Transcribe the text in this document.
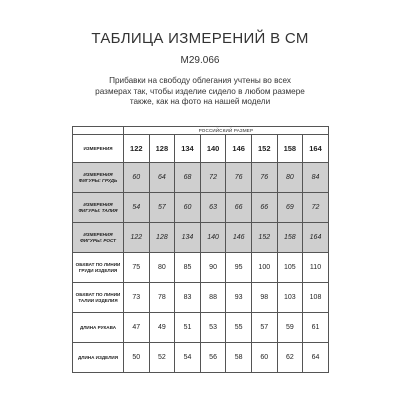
ТАБЛИЦА ИЗМЕРЕНИЙ В СМ
M29.066
Прибавки на свободу облегания учтены во всех размерах так, чтобы изделие сидело в любом размере также, как на фото на нашей модели
	РОССИЙСКИЙ РАЗМЕР							
ИЗМЕРЕНИЯ	122	128	134	140	146	152	158	164
ИЗМЕРЕНИЯ ФИГУРЫ: ГРУДЬ	60	64	68	72	76	76	80	84
ИЗМЕРЕНИЯ ФИГУРЫ: ТАЛИЯ	54	57	60	63	66	66	69	72
ИЗМЕРЕНИЯ ФИГУРЫ: РОСТ	122	128	134	140	146	152	158	164
ОБХВАТ ПО ЛИНИИ ГРУДИ ИЗДЕЛИЯ	75	80	85	90	95	100	105	110
ОБХВАТ ПО ЛИНИИ ТАЛИИ ИЗДЕЛИЯ	73	78	83	88	93	98	103	108
ДЛИНА РУКАВА	47	49	51	53	55	57	59	61
ДЛИНА ИЗДЕЛИЯ	50	52	54	56	58	60	62	64
